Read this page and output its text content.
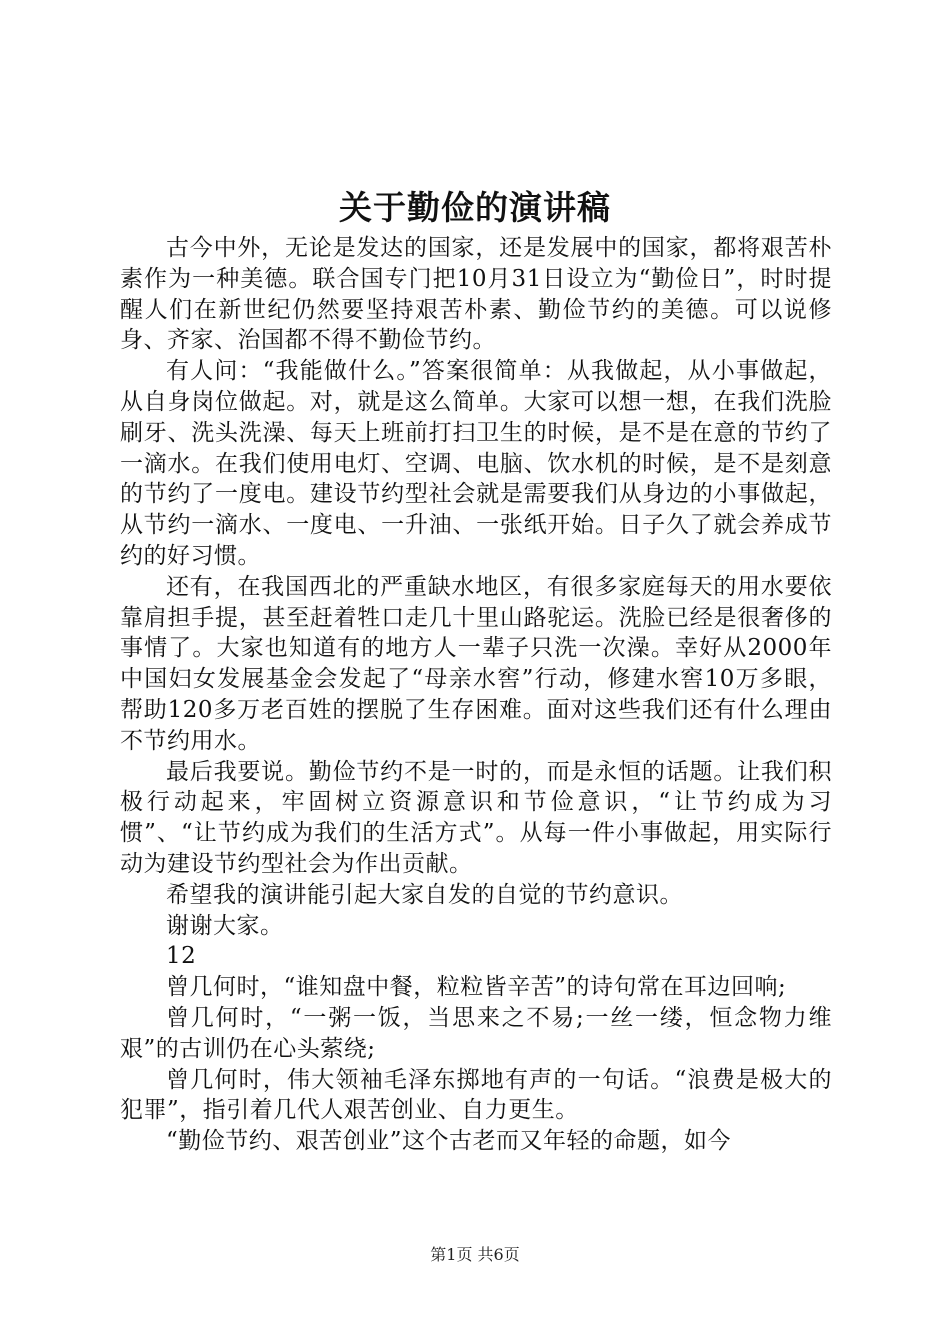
关于勤俭的演讲稿

古今中外，无论是发达的国家，还是发展中的国家，都将艰苦朴素作为一种美德。联合国专门把10月31日设立为“勤俭日”，时时提醒人们在新世纪仍然要坚持艰苦朴素、勤俭节约的美德。可以说修身、齐家、治国都不得不勤俭节约。

有人问：“我能做什么。”答案很简单：从我做起，从小事做起，从自身岗位做起。对，就是这么简单。大家可以想一想，在我们洗脸刷牙、洗头洗澡、每天上班前打扫卫生的时候，是不是在意的节约了一滴水。在我们使用电灯、空调、电脑、饮水机的时候，是不是刻意的节约了一度电。建设节约型社会就是需要我们从身边的小事做起，从节约一滴水、一度电、一升油、一张纸开始。日子久了就会养成节约的好习惯。

还有，在我国西北的严重缺水地区，有很多家庭每天的用水要依靠肩担手提，甚至赶着牲口走几十里山路驼运。洗脸已经是很奢侈的事情了。大家也知道有的地方人一辈子只洗一次澡。幸好从2000年中国妇女发展基金会发起了“母亲水窖”行动，修建水窖10万多眼，帮助120多万老百姓的摆脱了生存困难。面对这些我们还有什么理由不节约用水。

最后我要说。勤俭节约不是一时的，而是永恒的话题。让我们积极行动起来，牢固树立资源意识和节俭意识，“让节约成为习惯”、“让节约成为我们的生活方式”。从每一件小事做起，用实际行动为建设节约型社会为作出贡献。

希望我的演讲能引起大家自发的自觉的节约意识。

谢谢大家。

12

曾几何时，“谁知盘中餐，粒粒皆辛苦”的诗句常在耳边回响;

曾几何时，“一粥一饭，当思来之不易;一丝一缕，恒念物力维艰”的古训仍在心头萦绕;

曾几何时，伟大领袖毛泽东掷地有声的一句话。“浪费是极大的犯罪”，指引着几代人艰苦创业、自力更生。

“勤俭节约、艰苦创业”这个古老而又年轻的命题，如今

第1页 共6页
